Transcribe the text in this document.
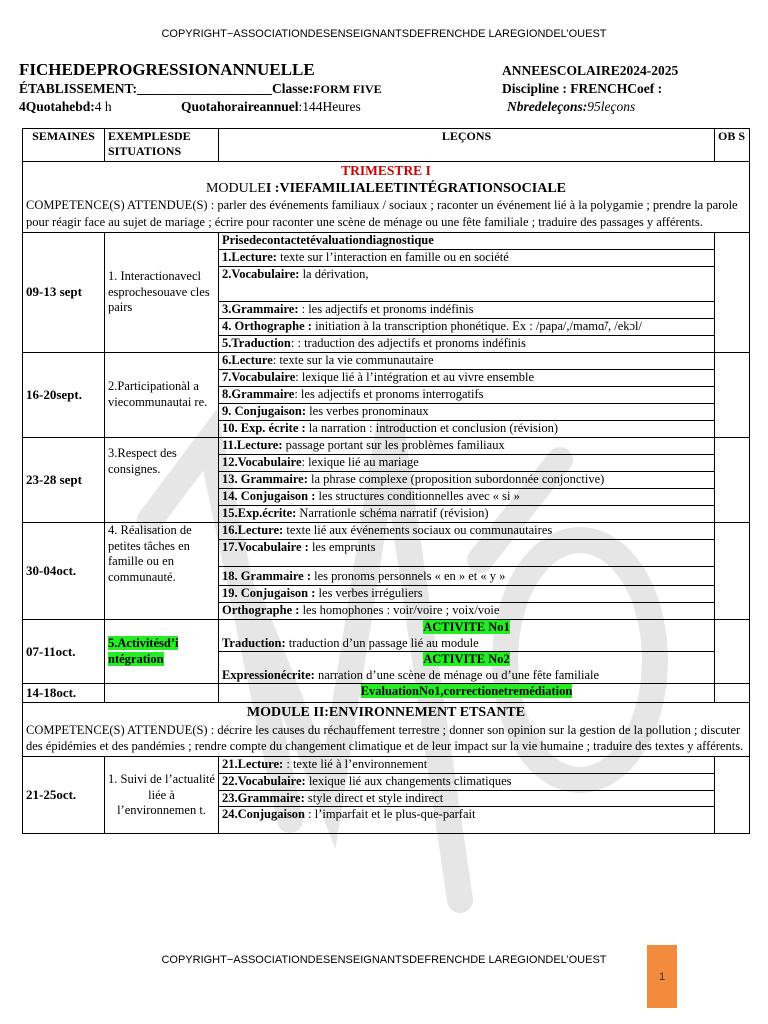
COPYRIGHT−ASSOCIATIONDESENSEIGNANTSDEFRENCHDE LAREGIONDEL’OUEST
FICHEDEPROGRESSIONANNUELLE	ANNEESCOLAIRE2024-2025
ÉTABLISSEMENT:____________________Classe:FORM FIVE	Discipline : FRENCHCoef :
4Quotahebd:4 h	Quotahoraireannuel:144Heures	Nbredeleçons:95leçons
SEMAINES	EXEMPLESDE SITUATIONS	LEÇONS	OB S

TRIMESTRE I
MODULEI :VIEFAMILIALEETINTÉGRATIONSOCIALE
COMPETENCE(S) ATTENDUE(S) : parler des événements familiaux / sociaux ; raconter un événement lié à la polygamie ; prendre la parole pour réagir face au sujet de mariage ; écrire pour raconter une scène de ménage ou une fête familiale ; traduire des passages y afférents.			

09-13 sept	1. Interactionavecl esprochesouave cles pairs	Prisedecontactetévaluationdiagnostique	
		1.Lecture: texte sur l’interaction en famille ou en société	
		2.Vocabulaire: la dérivation,	
		3.Grammaire: : les adjectifs et pronoms indéfinis	
		4. Orthographe : initiation à la transcription phonétique. Ex : /papa/,/mamɑ̃/, /ekɔl/	
		5.Traduction: : traduction des adjectifs et pronoms indéfinis	
16-20sept.	2.Participationàl a viecommunautai re.	6.Lecture: texte sur la vie communautaire	
		7.Vocabulaire: lexique lié à l’intégration et au vivre ensemble	
		8.Grammaire: les adjectifs et pronoms interrogatifs	
		9. Conjugaison: les verbes pronominaux	
		10. Exp. écrite : la narration : introduction et conclusion (révision)	
23-28 sept	3.Respect des consignes.	11.Lecture: passage portant sur les problèmes familiaux	
		12.Vocabulaire: lexique lié au mariage	
		13. Grammaire: la phrase complexe (proposition subordonnée conjonctive)	
		14. Conjugaison : les structures conditionnelles avec « si »	
		15.Exp.écrite: Narrationle schéma narratif (révision)	
30-04oct.	4. Réalisation de petites tâches en famille ou en communauté.	16.Lecture: texte lié aux événements sociaux ou communautaires	
		17.Vocabulaire : les emprunts	
		18. Grammaire : les pronoms personnels « en » et « y »	
		19. Conjugaison : les verbes irréguliers	
		Orthographe : les homophones : voir/voire ; voix/voie	
07-11oct.	5.Activitésd’i ntégration	ACTIVITE No1
Traduction: traduction d’un passage lié au module	

		ACTIVITE No2
Expressionécrite: narration d’une scène de ménage ou d’une fête familiale	

14-18oct.		EvaluationNo1,correctionetremédiation	

MODULE II:ENVIRONNEMENT ETSANTE
COMPETENCE(S) ATTENDUE(S) : décrire les causes du réchauffement terrestre ; donner son opinion sur la gestion de la pollution ; discuter des épidémies et des pandémies ; rendre compte du changement climatique et de leur impact sur la vie humaine ; traduire des textes y afférents.			

21-25oct.	1. Suivi de l’actualité liée à l’environnemen t.	21.Lecture: : texte lié à l’environnement	
		22.Vocabulaire: lexique lié aux changements climatiques	
		23.Grammaire: style direct et style indirect	
		24.Conjugaison : l’imparfait et le plus-que-parfait	
COPYRIGHT−ASSOCIATIONDESENSEIGNANTSDEFRENCHDE LAREGIONDEL’OUEST
1
